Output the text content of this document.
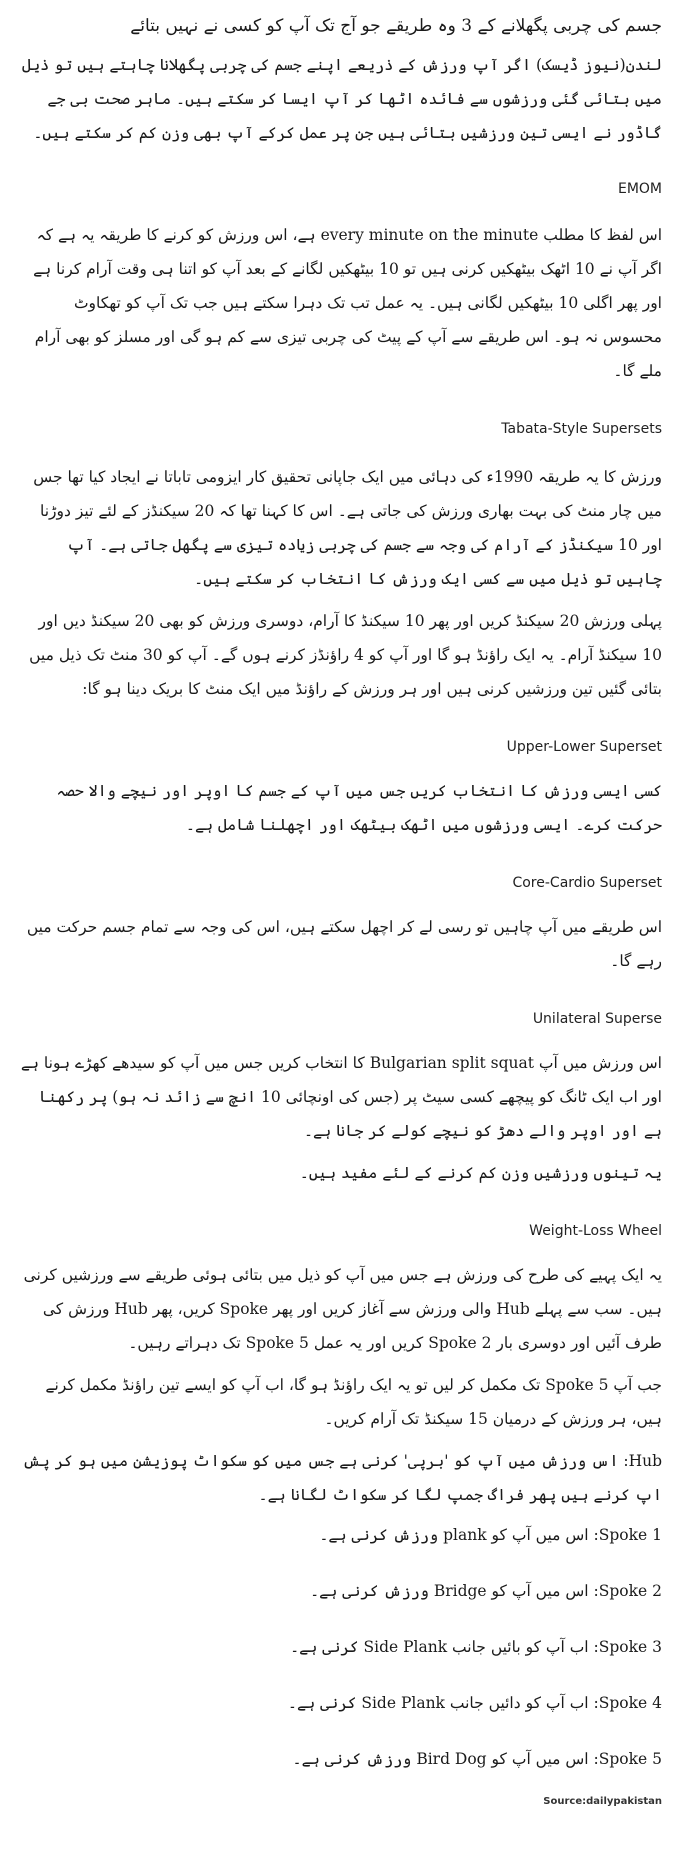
جسم کی چربی پگھلانے کے 3 وہ طریقے جو آج تک آپ کو کسی نے نہیں بتائے

لندن(نیوز ڈیسک) اگر آپ ورزش کے ذریعے اپنے جسم کی چربی پگھلانا چاہتے ہیں تو ذیل میں بتائی گئی ورزشوں سے فائدہ اٹھا کر آپ ایسا کر سکتے ہیں۔ ماہر صحت بی جے گاڈور نے ایسی تین ورزشیں بتائی ہیں جن پر عمل کرکے آپ بھی وزن کم کر سکتے ہیں۔

EMOM

اس لفظ کا مطلب every minute on the minute ہے، اس ورزش کو کرنے کا طریقہ یہ ہے کہ اگر آپ نے 10 اٹھک بیٹھکیں کرنی ہیں تو 10 بیٹھکیں لگانے کے بعد آپ کو اتنا ہی وقت آرام کرنا ہے اور پھر اگلی 10 بیٹھکیں لگانی ہیں۔ یہ عمل تب تک دہرا سکتے ہیں جب تک آپ کو تھکاوٹ محسوس نہ ہو۔ اس طریقے سے آپ کے پیٹ کی چربی تیزی سے کم ہو گی اور مسلز کو بھی آرام ملے گا۔

Tabata-Style Supersets

ورزش کا یہ طریقہ 1990ء کی دہائی میں ایک جاپانی تحقیق کار ایزومی تاباتا نے ایجاد کیا تھا جس میں چار منٹ کی بہت بھاری ورزش کی جاتی ہے۔ اس کا کہنا تھا کہ 20 سیکنڈز کے لئے تیز دوڑنا اور 10 سیکنڈز کے آرام کی وجہ سے جسم کی چربی زیادہ تیزی سے پگھل جاتی ہے۔ آپ چاہیں تو ذیل میں سے کسی ایک ورزش کا انتخاب کر سکتے ہیں۔

پہلی ورزش 20 سیکنڈ کریں اور پھر 10 سیکنڈ کا آرام، دوسری ورزش کو بھی 20 سیکنڈ دیں اور 10 سیکنڈ آرام۔ یہ ایک راؤنڈ ہو گا اور آپ کو 4 راؤنڈز کرنے ہوں گے۔ آپ کو 30 منٹ تک ذیل میں بتائی گئیں تین ورزشیں کرنی ہیں اور ہر ورزش کے راؤنڈ میں ایک منٹ کا بریک دینا ہو گا:

Upper-Lower Superset

کسی ایسی ورزش کا انتخاب کریں جس میں آپ کے جسم کا اوپر اور نیچے والا حصہ حرکت کرے۔ ایسی ورزشوں میں اٹھک بیٹھک اور اچھلنا شامل ہے۔

Core-Cardio Superset

اس طریقے میں آپ چاہیں تو رسی لے کر اچھل سکتے ہیں، اس کی وجہ سے تمام جسم حرکت میں رہے گا۔

Unilateral Superse

اس ورزش میں آپ Bulgarian split squat کا انتخاب کریں جس میں آپ کو سیدھے کھڑے ہونا ہے اور اب ایک ٹانگ کو پیچھے کسی سیٹ پر (جس کی اونچائی 10 انچ سے زائد نہ ہو) پر رکھنا ہے اور اوپر والے دھڑ کو نیچے کولے کر جانا ہے۔

یہ تینوں ورزشیں وزن کم کرنے کے لئے مفید ہیں۔

Weight-Loss Wheel

یہ ایک پہیے کی طرح کی ورزش ہے جس میں آپ کو ذیل میں بتائی ہوئی طریقے سے ورزشیں کرنی ہیں۔ سب سے پہلے Hub والی ورزش سے آغاز کریں اور پھر Spoke کریں، پھر Hub ورزش کی طرف آئیں اور دوسری بار 2 Spoke کریں اور یہ عمل Spoke 5 تک دہراتے رہیں۔

جب آپ Spoke 5 تک مکمل کر لیں تو یہ ایک راؤنڈ ہو گا، اب آپ کو ایسے تین راؤنڈ مکمل کرنے ہیں، ہر ورزش کے درمیان 15 سیکنڈ تک آرام کریں۔

Hub: اس ورزش میں آپ کو 'برپی' کرنی ہے جس میں کو سکواٹ پوزیشن میں ہو کر پش اپ کرنے ہیں پھر فراگ جمپ لگا کر سکواٹ لگانا ہے۔

Spoke 1: اس میں آپ کو plank ورزش کرنی ہے۔

Spoke 2: اس میں آپ کو Bridge ورزش کرنی ہے۔

Spoke 3: اب آپ کو بائیں جانب Side Plank کرنی ہے۔

Spoke 4: اب آپ کو دائیں جانب Side Plank کرنی ہے۔

Spoke 5: اس میں آپ کو Bird Dog ورزش کرنی ہے۔

Source:dailypakistan
